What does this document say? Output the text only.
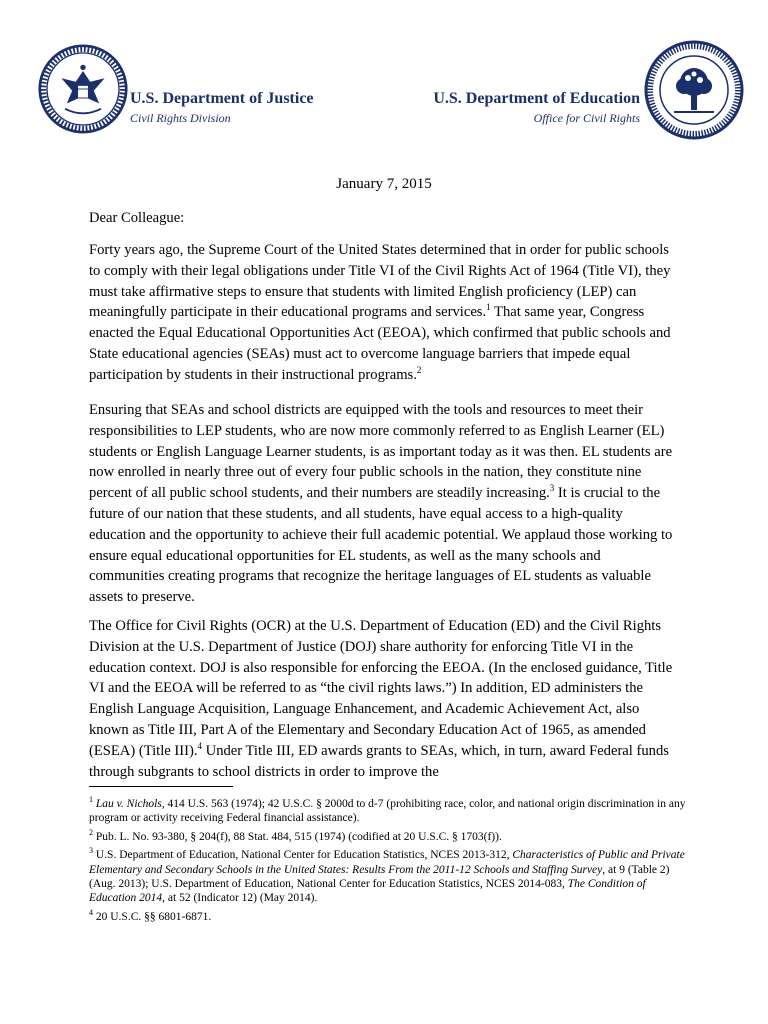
U.S. Department of Justice
Civil Rights Division
U.S. Department of Education
Office for Civil Rights
January 7, 2015
Dear Colleague:

Forty years ago, the Supreme Court of the United States determined that in order for public schools to comply with their legal obligations under Title VI of the Civil Rights Act of 1964 (Title VI), they must take affirmative steps to ensure that students with limited English proficiency (LEP) can meaningfully participate in their educational programs and services.$^1$ That same year, Congress enacted the Equal Educational Opportunities Act (EEOA), which confirmed that public schools and State educational agencies (SEAs) must act to overcome language barriers that impede equal participation by students in their instructional programs.$^2$

Ensuring that SEAs and school districts are equipped with the tools and resources to meet their responsibilities to LEP students, who are now more commonly referred to as English Learner (EL) students or English Language Learner students, is as important today as it was then. EL students are now enrolled in nearly three out of every four public schools in the nation, they constitute nine percent of all public school students, and their numbers are steadily increasing.$^3$ It is crucial to the future of our nation that these students, and all students, have equal access to a high-quality education and the opportunity to achieve their full academic potential. We applaud those working to ensure equal educational opportunities for EL students, as well as the many schools and communities creating programs that recognize the heritage languages of EL students as valuable assets to preserve.

The Office for Civil Rights (OCR) at the U.S. Department of Education (ED) and the Civil Rights Division at the U.S. Department of Justice (DOJ) share authority for enforcing Title VI in the education context. DOJ is also responsible for enforcing the EEOA. (In the enclosed guidance, Title VI and the EEOA will be referred to as “the civil rights laws.”) In addition, ED administers the English Language Acquisition, Language Enhancement, and Academic Achievement Act, also known as Title III, Part A of the Elementary and Secondary Education Act of 1965, as amended (ESEA) (Title III).$^4$ Under Title III, ED awards grants to SEAs, which, in turn, award Federal funds through subgrants to school districts in order to improve the

$^1$ Lau v. Nichols, 414 U.S. 563 (1974); 42 U.S.C. § 2000d to d-7 (prohibiting race, color, and national origin discrimination in any program or activity receiving Federal financial assistance).
$^2$ Pub. L. No. 93-380, § 204(f), 88 Stat. 484, 515 (1974) (codified at 20 U.S.C. § 1703(f)).
$^3$ U.S. Department of Education, National Center for Education Statistics, NCES 2013-312, Characteristics of Public and Private Elementary and Secondary Schools in the United States: Results From the 2011-12 Schools and Staffing Survey, at 9 (Table 2) (Aug. 2013); U.S. Department of Education, National Center for Education Statistics, NCES 2014-083, The Condition of Education 2014, at 52 (Indicator 12) (May 2014).
$^4$ 20 U.S.C. §§ 6801-6871.
